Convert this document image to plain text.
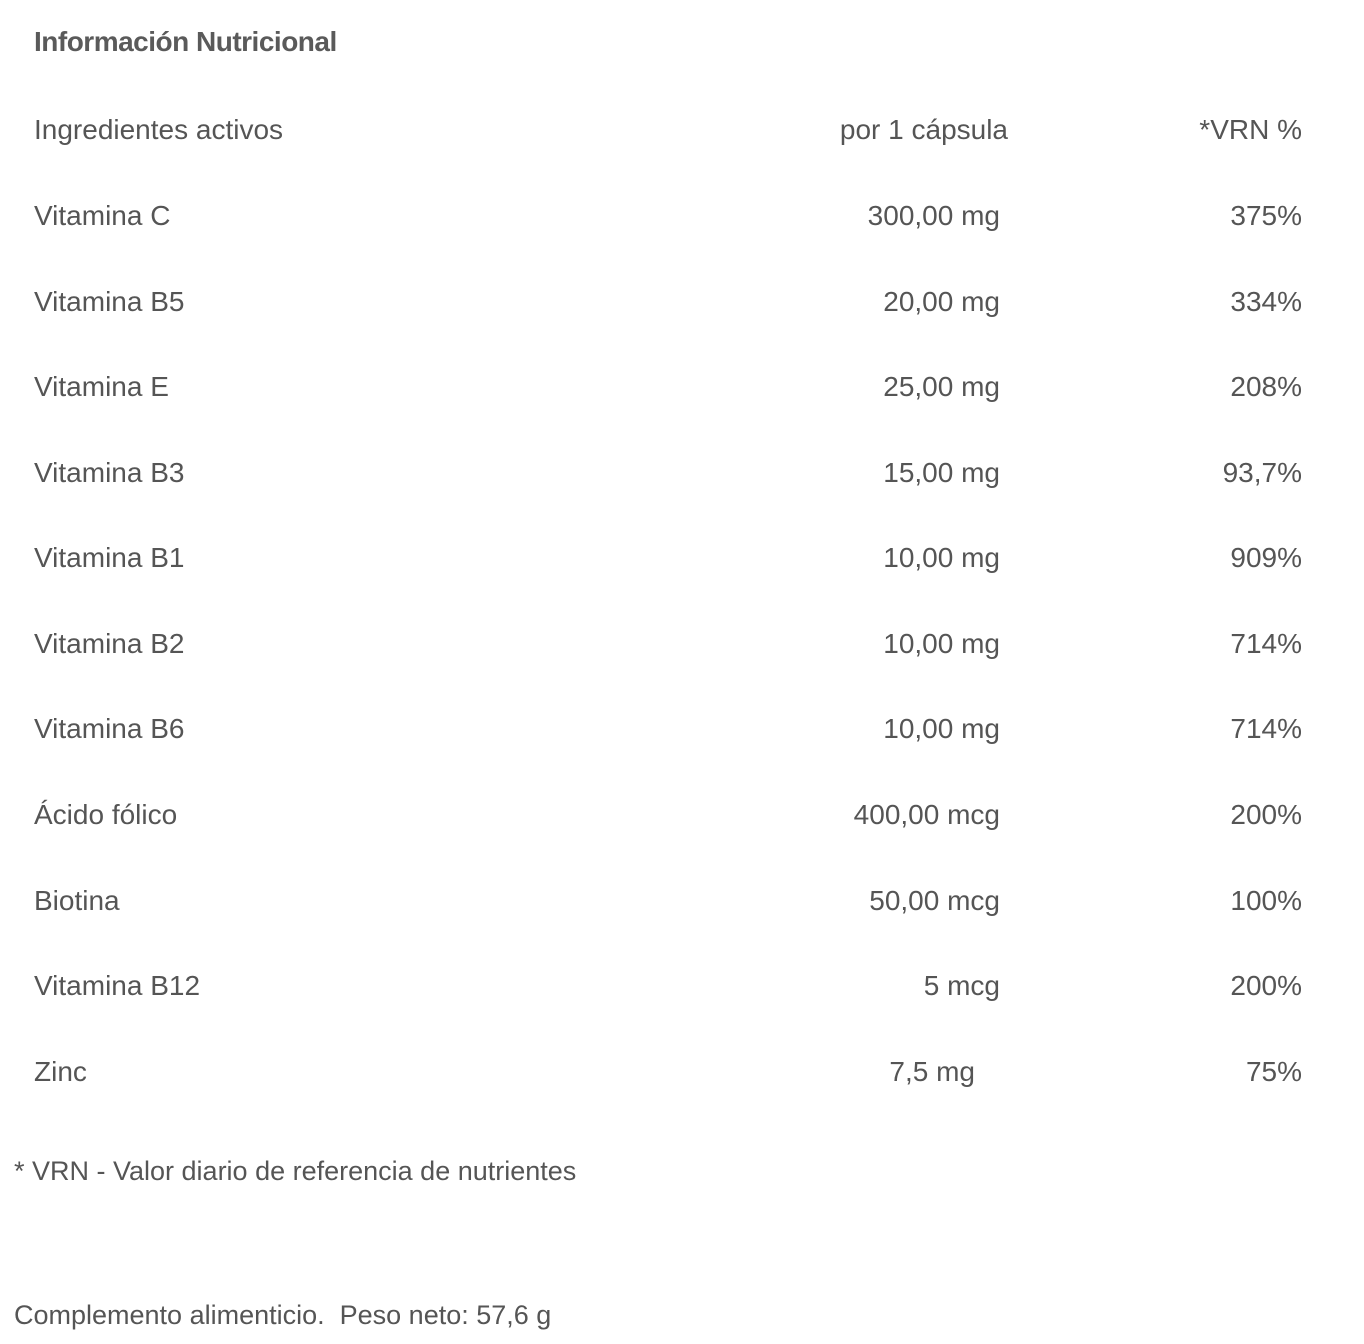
Información Nutricional
Ingredientes activos	por 1 cápsula	*VRN %
Vitamina C	300,00 mg	375%
Vitamina B5	20,00 mg	334%
Vitamina E	25,00 mg	208%
Vitamina B3	15,00 mg	93,7%
Vitamina B1	10,00 mg	909%
Vitamina B2	10,00 mg	714%
Vitamina B6	10,00 mg	714%
Ácido fólico	400,00 mcg	200%
Biotina	50,00 mcg	100%
Vitamina B12	5 mcg	200%
Zinc	7,5 mg	75%
* VRN - Valor diario de referencia de nutrientes
Complemento alimenticio.  Peso neto: 57,6 g
